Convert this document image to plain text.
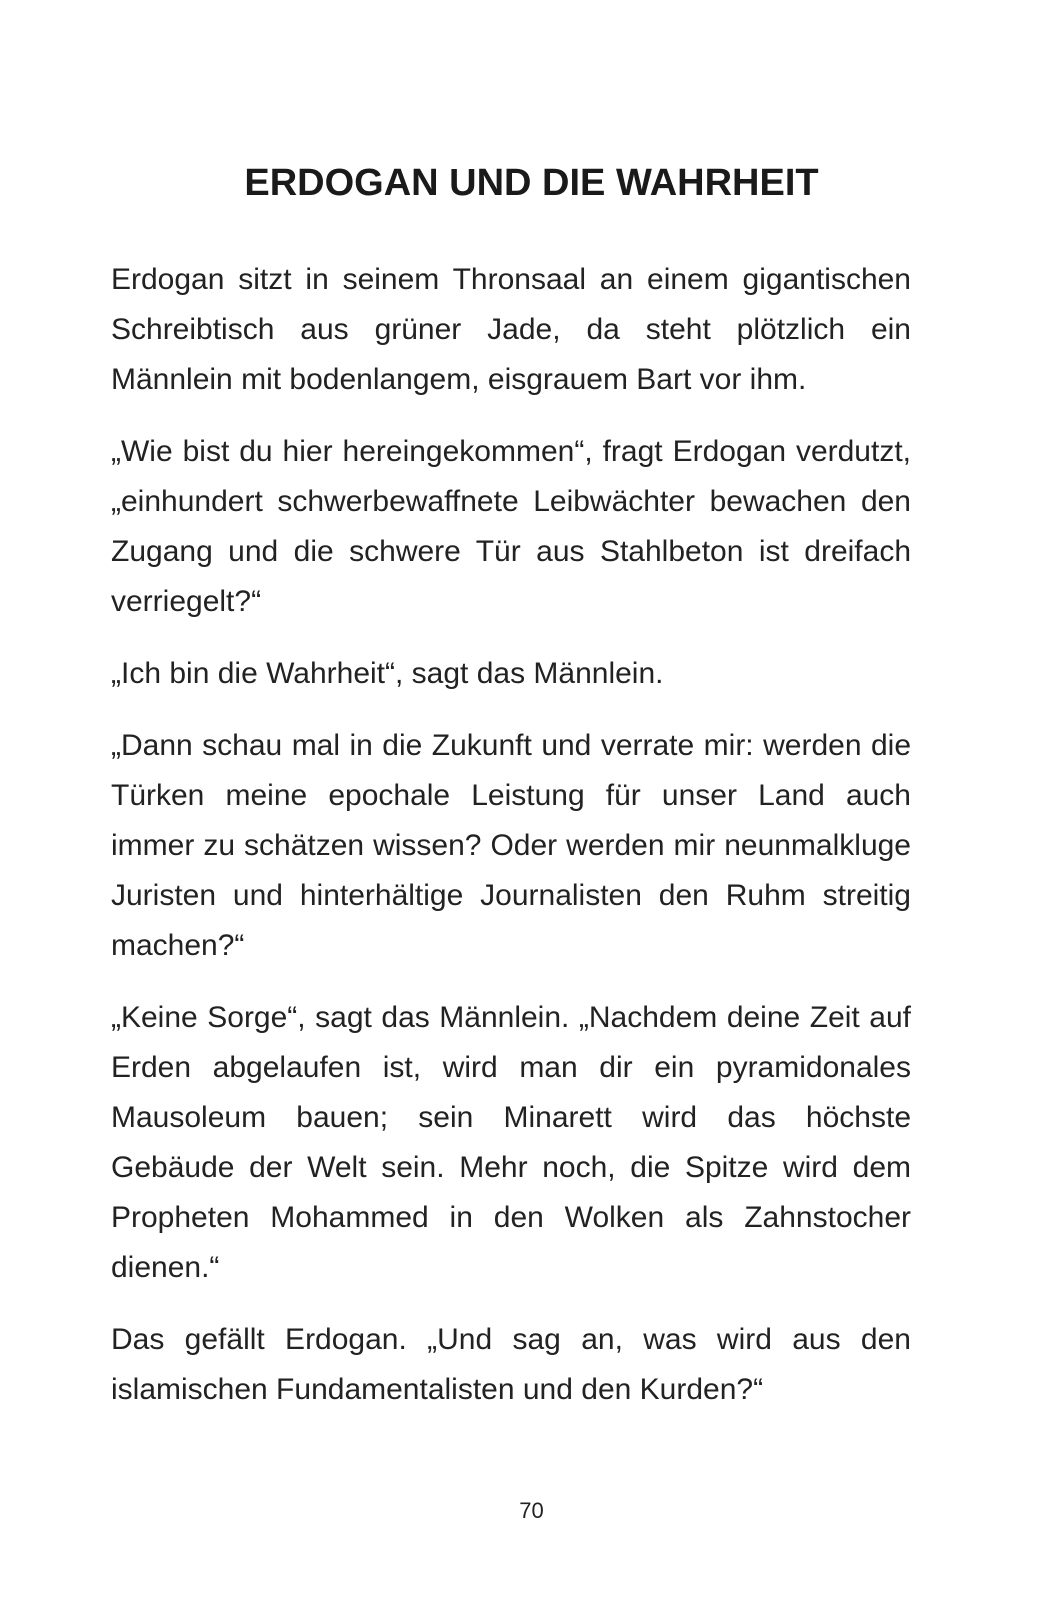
ERDOGAN UND DIE WAHRHEIT

Erdogan sitzt in seinem Thronsaal an einem gigantischen Schreibtisch aus grüner Jade, da steht plötzlich ein Männlein mit bodenlangem, eisgrauem Bart vor ihm.

„Wie bist du hier hereingekommen“, fragt Erdogan verdutzt, „einhundert schwerbewaffnete Leibwächter bewachen den Zugang und die schwere Tür aus Stahlbeton ist dreifach verriegelt?“

„Ich bin die Wahrheit“, sagt das Männlein.

„Dann schau mal in die Zukunft und verrate mir: werden die Türken meine epochale Leistung für unser Land auch immer zu schätzen wissen? Oder werden mir neunmalkluge Juristen und hinterhältige Journalisten den Ruhm streitig machen?“

„Keine Sorge“, sagt das Männlein. „Nachdem deine Zeit auf Erden abgelaufen ist, wird man dir ein pyramidonales Mausoleum bauen; sein Minarett wird das höchste Gebäude der Welt sein. Mehr noch, die Spitze wird dem Propheten Mohammed in den Wolken als Zahnstocher dienen.“

Das gefällt Erdogan. „Und sag an, was wird aus den islamischen Fundamentalisten und den Kurden?“

70
